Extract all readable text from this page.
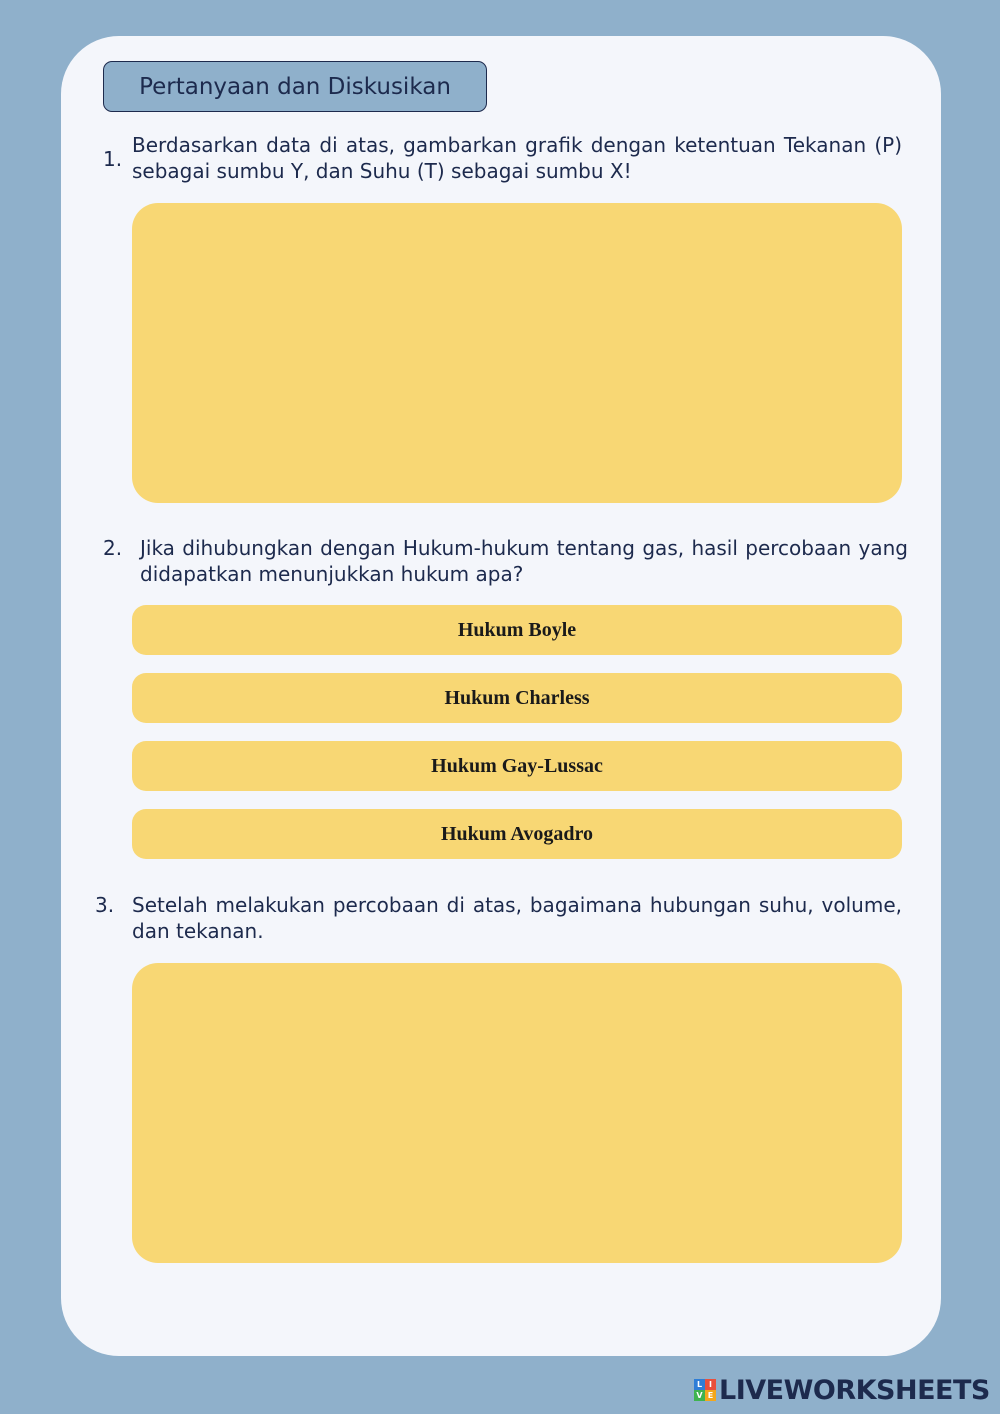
Pertanyaan dan Diskusikan
1.
Berdasarkan data di atas, gambarkan grafik dengan ketentuan Tekanan (P) sebagai sumbu Y, dan Suhu (T) sebagai sumbu X!
2. Jika dihubungkan dengan Hukum-hukum tentang gas, hasil percobaan yang didapatkan menunjukkan hukum apa?
Hukum Boyle
Hukum Charless
Hukum Gay-Lussac
Hukum Avogadro
3. Setelah melakukan percobaan di atas, bagaimana hubungan suhu, volume, dan tekanan.
L I
V E LIVEWORKSHEETS
